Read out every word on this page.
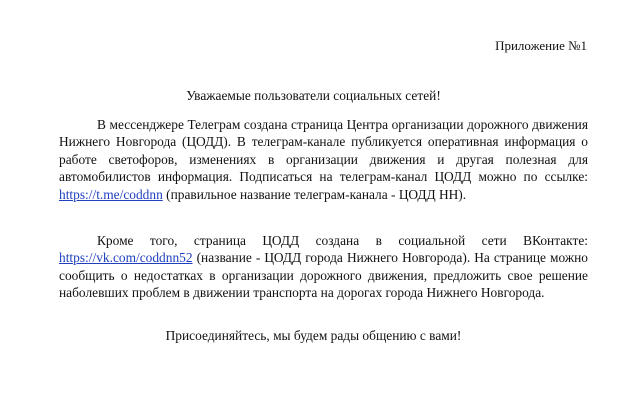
Приложение №1
Уважаемые пользователи социальных сетей!

В мессенджере Телеграм создана страница Центра организации дорожного движения Нижнего Новгорода (ЦОДД). В телеграм-канале публикуется оперативная информация о работе светофоров, изменениях в организации движения и другая полезная для автомобилистов информация. Подписаться на телеграм-канал ЦОДД можно по ссылке: https://t.me/coddnn (правильное название телеграм-канала - ЦОДД НН).

Кроме того, страница ЦОДД создана в социальной сети ВКонтакте: https://vk.com/coddnn52 (название - ЦОДД города Нижнего Новгорода). На странице можно сообщить о недостатках в организации дорожного движения, предложить свое решение наболевших проблем в движении транспорта на дорогах города Нижнего Новгорода.

Присоединяйтесь, мы будем рады общению с вами!
